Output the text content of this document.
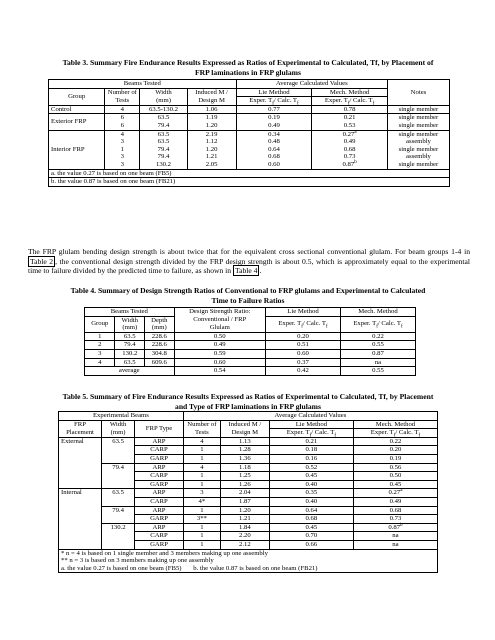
Table 3. Summary Fire Endurance Results Expressed as Ratios of Experimental to Calculated, Tf, by Placement of
FRP laminations in FRP glulams
Beams Tested				Average Calculated Values		Notes
Group	Number of Tests	Width	Induced M / Design M	Lie Method	Mech. Method	
		(mm)		Exper. $T_f/$ Calc. $T_f$	Exper. $T_f/$ Calc. $T_f$
Control	4	63.5-130.2	1.06	0.77	0.78	single member
Exterior FRP	6	63.5	1.19	0.19	0.21	single member
	6	79.4	1.20	0.49	0.53	single member
Interior FRP	4	63.5	2.19	0.34	0.27$^a$	single member
	3	63.5	1.12	0.48	0.49	assembly
	1	79.4	1.20	0.64	0.68	single member
	3	79.4	1.21	0.68	0.73	assembly
	3	130.2	2.05	0.60	0.87$^b$	single member
a. the value 0.27 is based on one beam (FB5)						
b. the value 0.87 is based on one beam (FB21)						
The FRP glulam bending design strength is about twice that for the equivalent cross sectional conventional glulam. For beam groups 1-4 in Table 2 , the conventional design strength divided by the FRP design strength is about 0.5, which is approximately equal to the experimental time to failure divided by the predicted time to failure, as shown in Table 4 .
Table 4. Summary of Design Strength Ratios of Conventional to FRP glulams and Experimental to Calculated
Time to Failure Ratios
Beams Tested			Design Strength Ratio:	Lie Method	Mech. Method
Group	Width	Depth	Conventional / FRP	Exper. $T_f/$ Calc. $T_f$	Exper. $T_f/$ Calc. $T_f$
	(mm)	(mm)	Glulam		
1	63.5	228.6	0.50	0.20	0.22
2	79.4	228.6	0.49	0.51	0.55
3	130.2	304.8	0.59	0.60	0.87
4	63.5	609.6	0.60	0.37	na
average			0.54	0.42	0.55
Table 5. Summary of Fire Endurance Results Expressed as Ratios of Experimental to Calculated, Tf, by Placement
and Type of FRP laminations in FRP glulams
Experimental Beams			Average Calculated Values			
FRP Placement	Width	FRP Type	Number of Tests	Induced M / Design M	Lie Method	Mech. Method
	(mm)				Exper. $T_f/$ Calc. $T_f$	Exper. $T_f/$ Calc. $T_f$
External	63.5	ARP	4	1.13	0.21	0.22
		CARP	1	1.28	0.18	0.20
		GARP	1	1.36	0.16	0.19
	79.4	ARP	4	1.18	0.52	0.56
		CARP	1	1.25	0.45	0.50
		GARP	1	1.26	0.40	0.45
Internal	63.5	ARP	3	2.04	0.35	0.27$^a$
		CARP	4*	1.87	0.40	0.49
	79.4	ARP	1	1.20	0.64	0.68
		GARP	3**	1.21	0.68	0.73
	130.2	ARP	1	1.84	0.45	0.87$^b$
		CARP	1	2.20	0.70	na
		GARP	1	2.12	0.66	na
* n = 4 is based on 1 single member and 3 members making up one assembly						
** n = 3 is based on 3 members making up one assembly						
a. the value 0.27 is based on one beam (FB5) b. the value 0.87 is based on one beam (FB21)						
